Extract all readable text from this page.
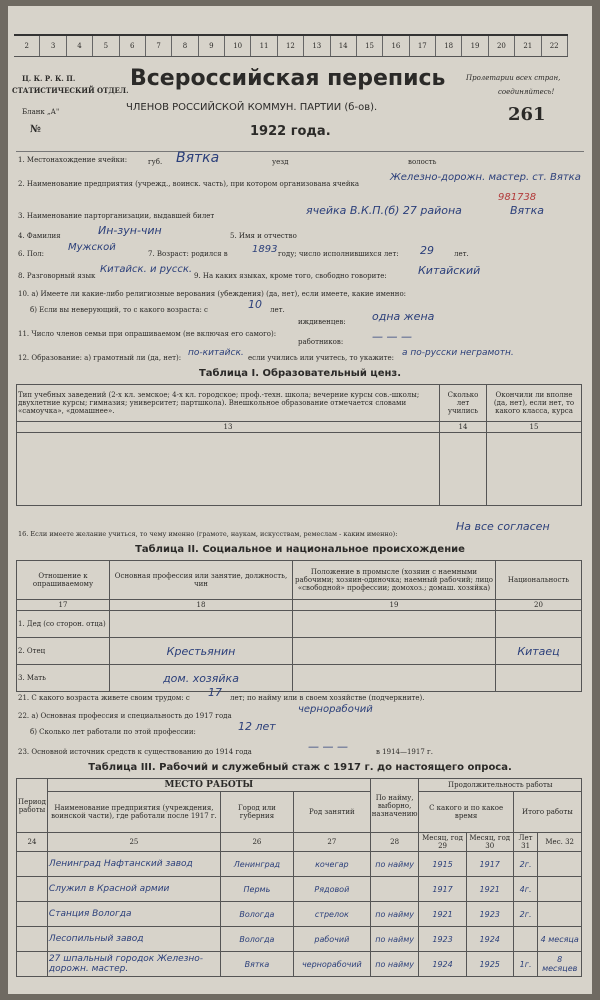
2	3	4	5	6	7	8	9	10	11	12	13	14	15	16	17	18	19	20	21	22
Ц. К. Р. К. П.
СТАТИСТИЧЕСКИЙ ОТДЕЛ.
Бланк „А"
№
Всероссийская перепись
ЧЛЕНОВ РОССИЙСКОЙ КОММУН. ПАРТИИ (б-ов).
1922 года.
Пролетарии всех стран,
соединяйтесь!
261
1. Местонахождение ячейки:	губ. Вятка	уезд	волость
2. Наименование предприятия (учрежд., воинск. часть), при котором организована ячейка
Железно-дорожн. мастер. ст. Вятка
981738
3. Наименование парторганизации, выдавшей билет	ячейка В.К.П.(б) 27 района	Вятка
4. Фамилия	Ин-зун-чин	5. Имя и отчество
6. Пол:
Мужской
7. Возраст: родился в 1893 году; число исполнившихся лет: 29	лет.
8. Разговорный язык
Китайск. и русск.
9. На каких языках, кроме того, свободно говорите:	Китайский
10. а) Имеете ли какие-либо религиозные верования (убеждения) (да, нет), если имеете, какие именно:
б) Если вы неверующий, то с какого возраста: с	10 лет.
иждивенцев: одна жена
11. Число членов семьи при опрашиваемом (не включая его самого):
работников:	— — —
12. Образование: а) грамотный ли (да, нет): по-китайск. если учились или учитесь, то укажите: а по-русски неграмотн.
Таблица I. Образовательный ценз.
Тип учебных заведений (2-х кл. земское; 4-х кл. городское; проф.-техн. школа; вечерние курсы сов.-школы; двухлетние курсы; гимназия; университет; партшкола). Внешкольное образование отмечается словами «самоучка», «домашнее».	Сколько лет учились	Окончили ли вполне (да, нет), если нет, то какого класса, курса
13	14	15

16. Если имеете желание учиться, то чему именно (грамоте, наукам, искусствам, ремеслам - каким именно):
На все согласен
Таблица II. Социальное и национальное происхождение
Отношение к опрашиваемому	Основная профессия или занятие, должность, чин	Положение в промысле (хозяин с наемными рабочими; хозяин-одиночка; наемный рабочий; лицо «свободной» профессии; домохоз.; домаш. хозяйка)	Национальность
17	18	19	20
1. Дед (со сторон. отца)			
2. Отец	Крестьянин		Китаец
3. Мать	дом. хозяйка		
21. С какого возраста живете своим трудом: с 17 лет; по найму или в своем хозяйстве (подчеркните).
22. а) Основная профессия и специальность до 1917 года
чернорабочий
б) Сколько лет работали по этой профессии:	12 лет
23. Основной источник средств к существованию до 1914 года	— — —	в 1914—1917 г.
Таблица III. Рабочий и служебный стаж с 1917 г. до настоящего опроса.
Период работы	МЕСТО РАБОТЫ			По найму, выборно, назначению	Продолжительность работы			
	Наименование предприятия (учреждения, воинской части), где работали после 1917 г.	Город или губерния	Род занятий		С какого и по какое время		Итого работы	
24	25	26	27	28	Месяц, год 29	Месяц, год 30	Лет 31	Мес. 32
	Ленинград Нафтанский завод	Ленинград	кочегар	по найму	1915	1917	2г.	
	Служил в Красной армии	Пермь	Рядовой		1917	1921	4г.	
	Станция Вологда	Вологда	стрелок	по найму	1921	1923	2г.	
	Лесопильный завод	Вологда	рабочий	по найму	1923	1924		4 месяца
	27 шпальный городок Железно-дорожн. мастер.	Вятка	чернорабочий	по найму	1924	1925	1г.	8 месяцев
